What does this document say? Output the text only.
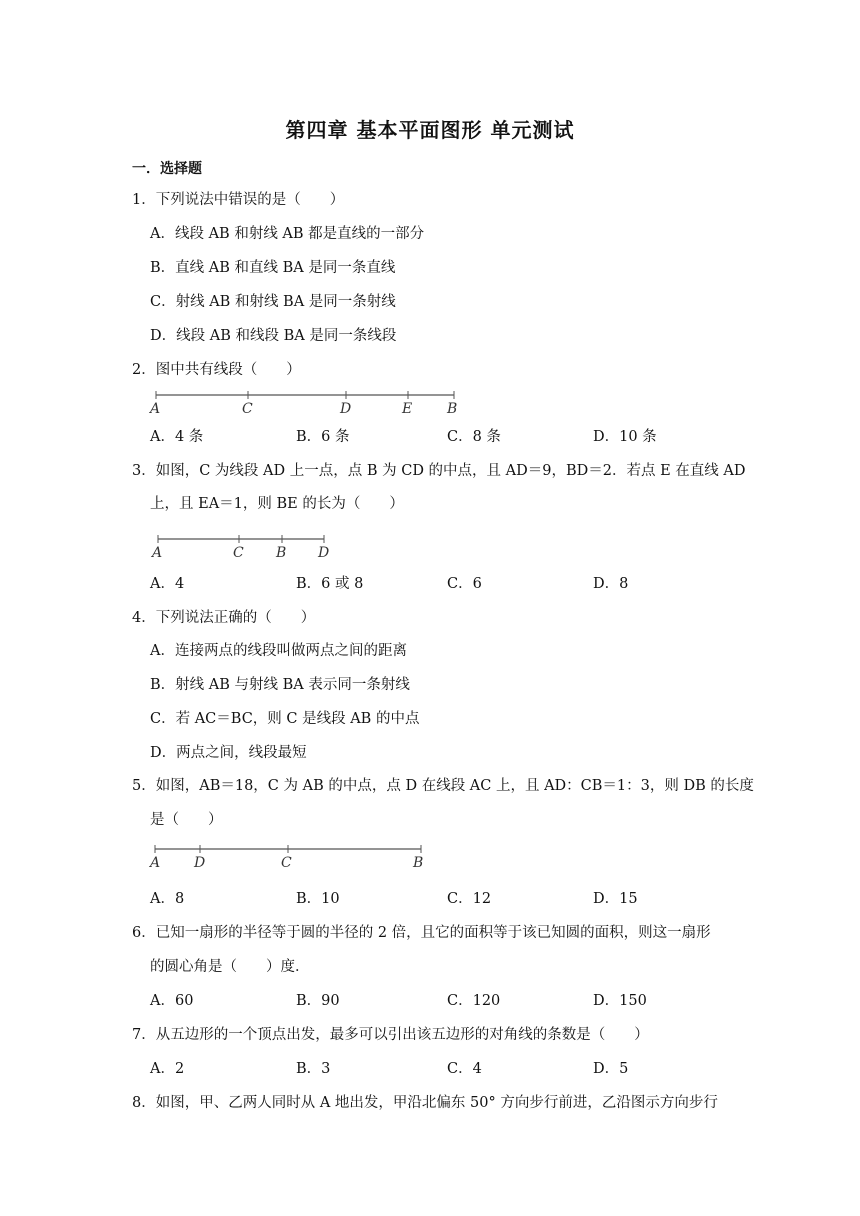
第四章 基本平面图形 单元测试
一．选择题
1．下列说法中错误的是（　　）
A．线段 AB 和射线 AB 都是直线的一部分
B．直线 AB 和直线 BA 是同一条直线
C．射线 AB 和射线 BA 是同一条射线
D．线段 AB 和线段 BA 是同一条线段
2．图中共有线段（　　）
A	C	D	E B
A．4 条	B．6 条	C．8 条	D．10 条
3．如图，C 为线段 AD 上一点，点 B 为 CD 的中点，且 AD＝9，BD＝2．若点 E 在直线 AD
上，且 EA＝1，则 BE 的长为（　　）
A	C B D
A．4	B．6 或 8	C．6	D．8
4．下列说法正确的（　　）
A．连接两点的线段叫做两点之间的距离
B．射线 AB 与射线 BA 表示同一条射线
C．若 AC＝BC，则 C 是线段 AB 的中点
D．两点之间，线段最短
5．如图，AB＝18，C 为 AB 的中点，点 D 在线段 AC 上，且 AD：CB＝1：3，则 DB 的长度
是（　　）
A D	C	B
A．8	B．10	C．12	D．15
6．已知一扇形的半径等于圆的半径的 2 倍，且它的面积等于该已知圆的面积，则这一扇形
的圆心角是（　　）度．
A．60	B．90	C．120	D．150
7．从五边形的一个顶点出发，最多可以引出该五边形的对角线的条数是（　　）
A．2	B．3	C．4	D．5
8．如图，甲、乙两人同时从 A 地出发，甲沿北偏东 50° 方向步行前进，乙沿图示方向步行
